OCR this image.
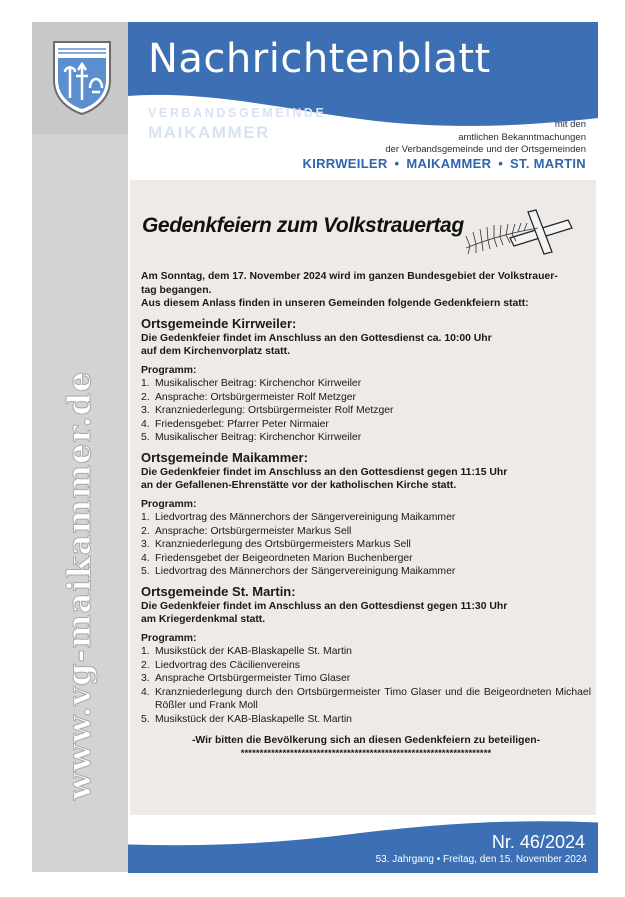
www.vg-maikammer.de
Nachrichtenblatt
VERBANDSGEMEINDE
MAIKAMMER	mit den
amtlichen Bekanntmachungen
der Verbandsgemeinde und der Ortsgemeinden
KIRRWEILER • MAIKAMMER • ST. MARTIN
Gedenkfeiern zum Volkstrauertag
Am Sonntag, dem 17. November 2024 wird im ganzen Bundesgebiet der Volkstrauer-
tag begangen.
Aus diesem Anlass finden in unseren Gemeinden folgende Gedenkfeiern statt:
Ortsgemeinde Kirrweiler:
Die Gedenkfeier findet im Anschluss an den Gottesdienst ca. 10:00 Uhr
auf dem Kirchenvorplatz statt.
Programm:
1. Musikalischer Beitrag: Kirchenchor Kirrweiler
2. Ansprache: Ortsbürgermeister Rolf Metzger
3. Kranzniederlegung: Ortsbürgermeister Rolf Metzger
4. Friedensgebet: Pfarrer Peter Nirmaier
5. Musikalischer Beitrag: Kirchenchor Kirrweiler
Ortsgemeinde Maikammer:
Die Gedenkfeier findet im Anschluss an den Gottesdienst gegen 11:15 Uhr
an der Gefallenen-Ehrenstätte vor der katholischen Kirche statt.
Programm:
1. Liedvortrag des Männerchors der Sängervereinigung Maikammer
2. Ansprache: Ortsbürgermeister Markus Sell
3. Kranzniederlegung des Ortsbürgermeisters Markus Sell
4. Friedensgebet der Beigeordneten Marion Buchenberger
5. Liedvortrag des Männerchors der Sängervereinigung Maikammer
Ortsgemeinde St. Martin:
Die Gedenkfeier findet im Anschluss an den Gottesdienst gegen 11:30 Uhr
am Kriegerdenkmal statt.
Programm:
1. Musikstück der KAB-Blaskapelle St. Martin
2. Liedvortrag des Cäcilienvereins
3. Ansprache Ortsbürgermeister Timo Glaser
4. Kranzniederlegung durch den Ortsbürgermeister Timo Glaser und die Beigeordneten Michael Rößler und Frank Moll
5. Musikstück der KAB-Blaskapelle St. Martin
-Wir bitten die Bevölkerung sich an diesen Gedenkfeiern zu beteiligen-
******************************************************************
Nr. 46/2024
53. Jahrgang • Freitag, den 15. November 2024
